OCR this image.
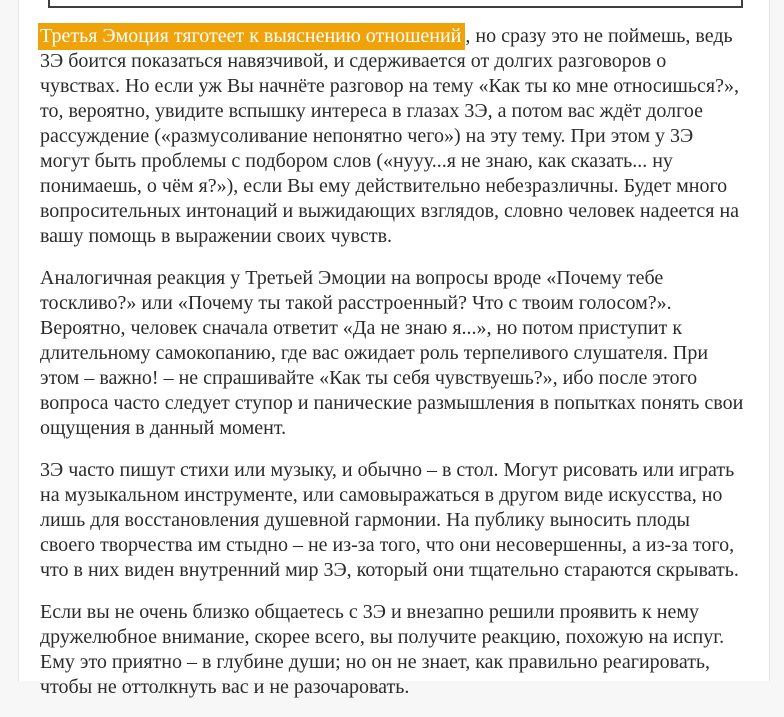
Третья Эмоция тяготеет к выяснению отношений , но сразу это не поймешь, ведь 3Э боится показаться навязчивой, и сдерживается от долгих разговоров о чувствах. Но если уж Вы начнёте разговор на тему «Как ты ко мне относишься?», то, вероятно, увидите вспышку интереса в глазах 3Э, а потом вас ждёт долгое рассуждение («размусоливание непонятно чего») на эту тему. При этом у 3Э могут быть проблемы с подбором слов («нууу...я не знаю, как сказать... ну понимаешь, о чём я?»), если Вы ему действительно небезразличны. Будет много вопросительных интонаций и выжидающих взглядов, словно человек надеется на вашу помощь в выражении своих чувств.

Аналогичная реакция у Третьей Эмоции на вопросы вроде «Почему тебе тоскливо?» или «Почему ты такой расстроенный? Что с твоим голосом?». Вероятно, человек сначала ответит «Да не знаю я...», но потом приступит к длительному самокопанию, где вас ожидает роль терпеливого слушателя. При этом – важно! – не спрашивайте «Как ты себя чувствуешь?», ибо после этого вопроса часто следует ступор и панические размышления в попытках понять свои ощущения в данный момент.

3Э часто пишут стихи или музыку, и обычно – в стол. Могут рисовать или играть на музыкальном инструменте, или самовыражаться в другом виде искусства, но лишь для восстановления душевной гармонии. На публику выносить плоды своего творчества им стыдно – не из-за того, что они несовершенны, а из-за того, что в них виден внутренний мир 3Э, который они тщательно стараются скрывать.

Если вы не очень близко общаетесь с 3Э и внезапно решили проявить к нему дружелюбное внимание, скорее всего, вы получите реакцию, похожую на испуг. Ему это приятно – в глубине души; но он не знает, как правильно реагировать, чтобы не оттолкнуть вас и не разочаровать.
